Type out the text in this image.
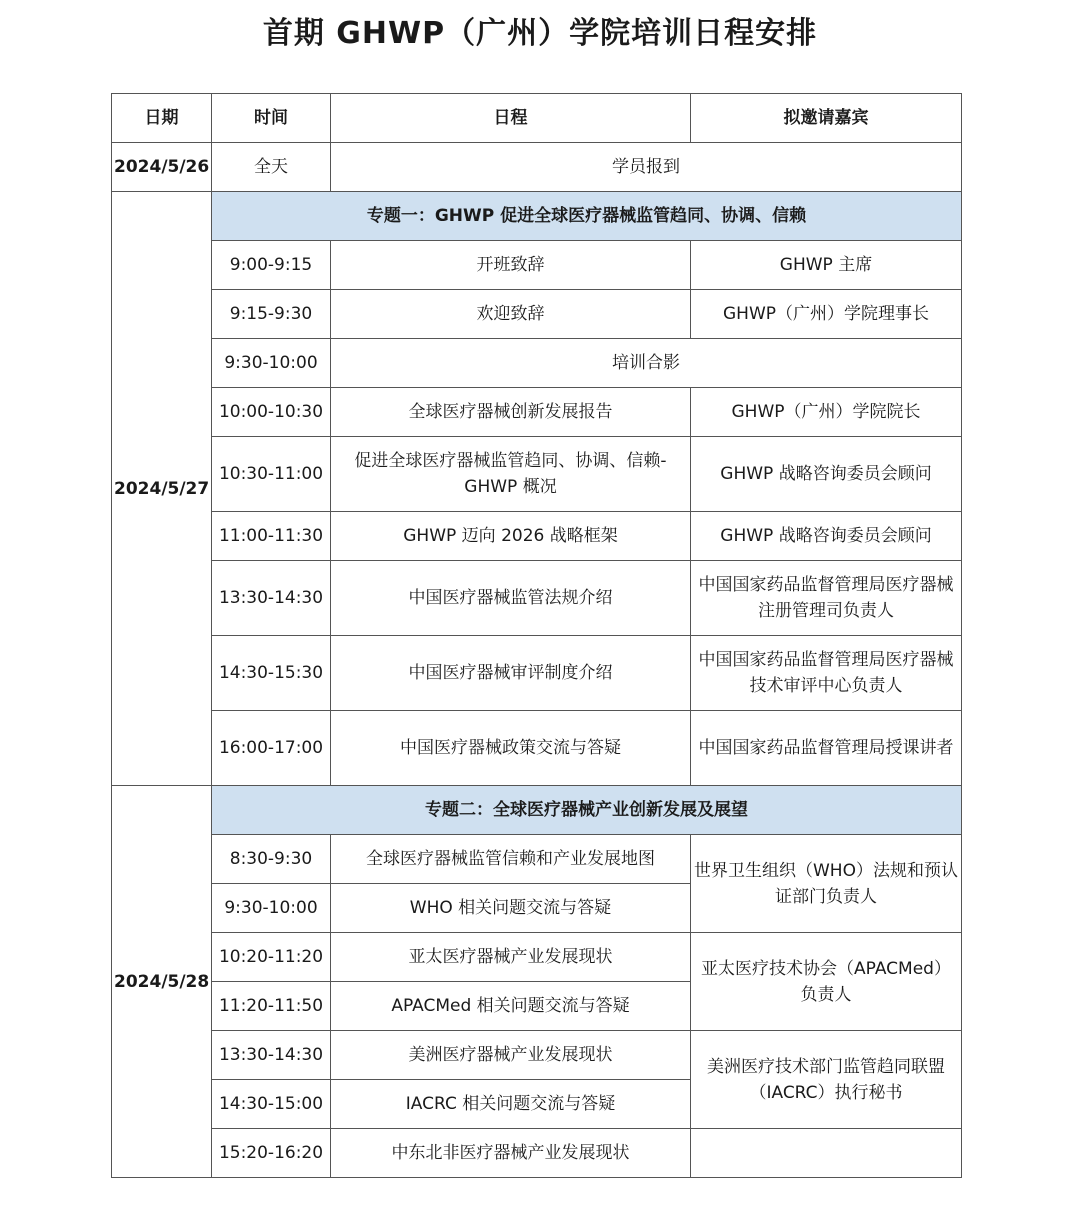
首期 GHWP（广州）学院培训日程安排
日期	时间	日程	拟邀请嘉宾
2024/5/26	全天	学员报到	
2024/5/27	专题一：GHWP 促进全球医疗器械监管趋同、协调、信赖		
	9:00-9:15	开班致辞	GHWP 主席
	9:15-9:30	欢迎致辞	GHWP（广州）学院理事长
	9:30-10:00	培训合影	
	10:00-10:30	全球医疗器械创新发展报告	GHWP（广州）学院院长
	10:30-11:00	促进全球医疗器械监管趋同、协调、信赖-GHWP 概况	GHWP 战略咨询委员会顾问
	11:00-11:30	GHWP 迈向 2026 战略框架	GHWP 战略咨询委员会顾问
	13:30-14:30	中国医疗器械监管法规介绍	中国国家药品监督管理局医疗器械注册管理司负责人
	14:30-15:30	中国医疗器械审评制度介绍	中国国家药品监督管理局医疗器械技术审评中心负责人
	16:00-17:00	中国医疗器械政策交流与答疑	中国国家药品监督管理局授课讲者
2024/5/28	专题二：全球医疗器械产业创新发展及展望		
	8:30-9:30	全球医疗器械监管信赖和产业发展地图	世界卫生组织（WHO）法规和预认证部门负责人
	9:30-10:00	WHO 相关问题交流与答疑	
	10:20-11:20	亚太医疗器械产业发展现状	亚太医疗技术协会（APACMed）负责人
	11:20-11:50	APACMed 相关问题交流与答疑	
	13:30-14:30	美洲医疗器械产业发展现状	美洲医疗技术部门监管趋同联盟（IACRC）执行秘书
	14:30-15:00	IACRC 相关问题交流与答疑	
	15:20-16:20	中东北非医疗器械产业发展现状	
